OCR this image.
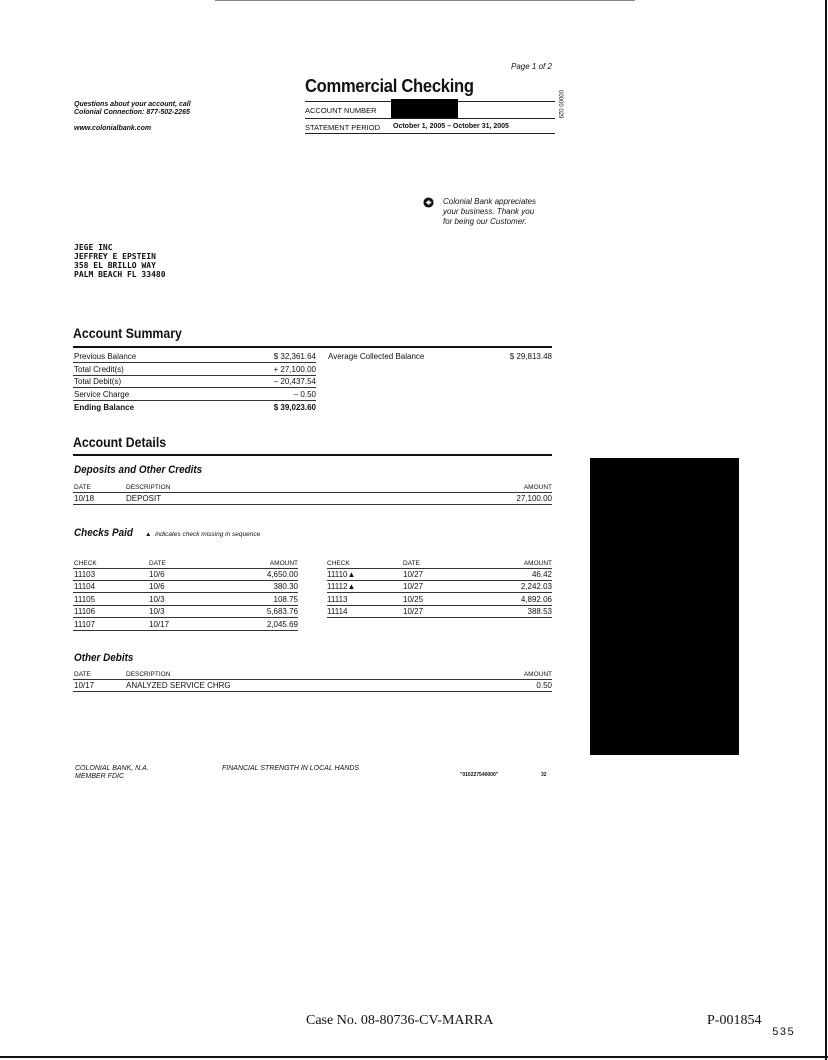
Page 1 of 2
Commercial Checking
Questions about your account, call
Colonial Connection: 877-502-2265
www.colonialbank.com
ACCOUNT NUMBER
STATEMENT PERIOD October 1, 2005 – October 31, 2005
00000 029
Colonial Bank appreciates
your business. Thank you
for being our Customer.
JEGE INC
JEFFREY E EPSTEIN
358 EL BRILLO WAY
PALM BEACH FL 33480
Account Summary
Previous Balance	$ 32,361.64
Total Credit(s)	+ 27,100.00
Total Debit(s)	– 20,437.54
Service Charge	– 0.50
Ending Balance	$ 39,023.60
Average Collected Balance	$ 29,813.48
Account Details
Deposits and Other Credits
DATE	DESCRIPTION	AMOUNT
10/18	DEPOSIT	27,100.00
Checks Paid ▲ indicates check missing in sequence
CHECK	DATE	AMOUNT	CHECK	DATE	AMOUNT
11103	10/6	4,650.00
11104	10/6	380.30
11105	10/3	108.75
11106	10/3	5,683.76
11107	10/17	2,045.69
11110▲	10/27	46.42
11112▲	10/27	2,242.03
11113	10/25	4,892.06
11114	10/27	388.53
Other Debits
DATE	DESCRIPTION	AMOUNT
10/17	ANALYZED SERVICE CHRG	0.50
COLONIAL BANK, N.A.
MEMBER FDIC
FINANCIAL STRENGTH IN LOCAL HANDS
"010227540000"	32
Case No. 08-80736-CV-MARRA	P-001854
535
